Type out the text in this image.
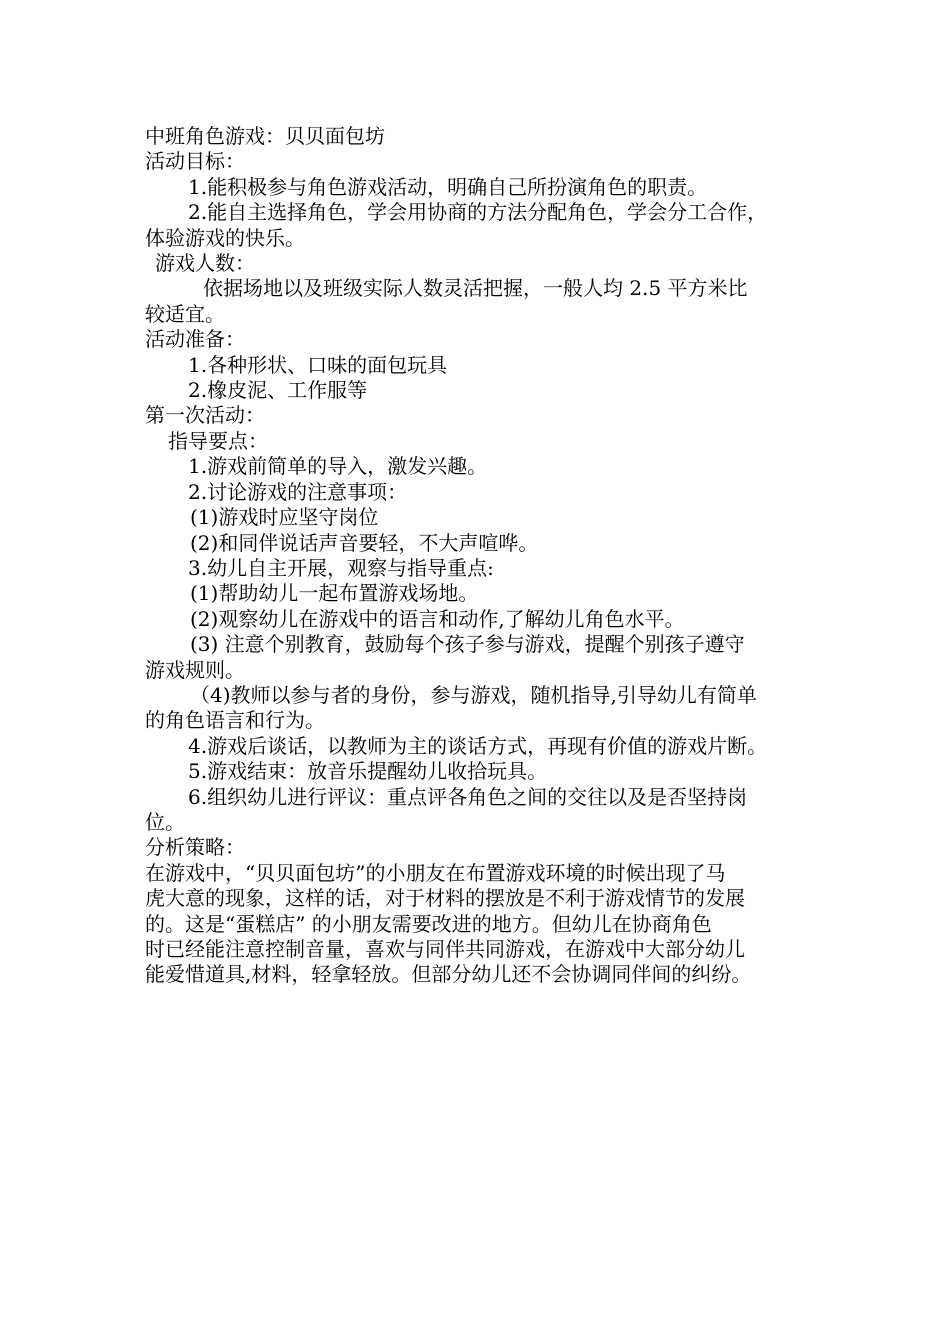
中班角色游戏：贝贝面包坊
活动目标：
1.能积极参与角色游戏活动，明确自己所扮演角色的职责。
2.能自主选择角色，学会用协商的方法分配角色，学会分工合作，
体验游戏的快乐。
游戏人数：
依据场地以及班级实际人数灵活把握，一般人均 2.5 平方米比
较适宜。
活动准备：
1.各种形状、口味的面包玩具
2.橡皮泥、工作服等
第一次活动：
指导要点：
1.游戏前简单的导入，激发兴趣。
2.讨论游戏的注意事项：
(1)游戏时应坚守岗位
(2)和同伴说话声音要轻，不大声喧哗。
3.幼儿自主开展，观察与指导重点:
(1)帮助幼儿一起布置游戏场地。
(2)观察幼儿在游戏中的语言和动作,了解幼儿角色水平。
(3) 注意个别教育，鼓励每个孩子参与游戏，提醒个别孩子遵守
游戏规则。
（4)教师以参与者的身份，参与游戏，随机指导,引导幼儿有简单
的角色语言和行为。
4.游戏后谈话，以教师为主的谈话方式，再现有价值的游戏片断。
5.游戏结束：放音乐提醒幼儿收拾玩具。
6.组织幼儿进行评议：重点评各角色之间的交往以及是否坚持岗
位。
分析策略：
在游戏中，“贝贝面包坊”的小朋友在布置游戏环境的时候出现了马
虎大意的现象，这样的话，对于材料的摆放是不利于游戏情节的发展
的。这是“蛋糕店” 的小朋友需要改进的地方。但幼儿在协商角色
时已经能注意控制音量，喜欢与同伴共同游戏，在游戏中大部分幼儿
能爱惜道具,材料，轻拿轻放。但部分幼儿还不会协调同伴间的纠纷。
